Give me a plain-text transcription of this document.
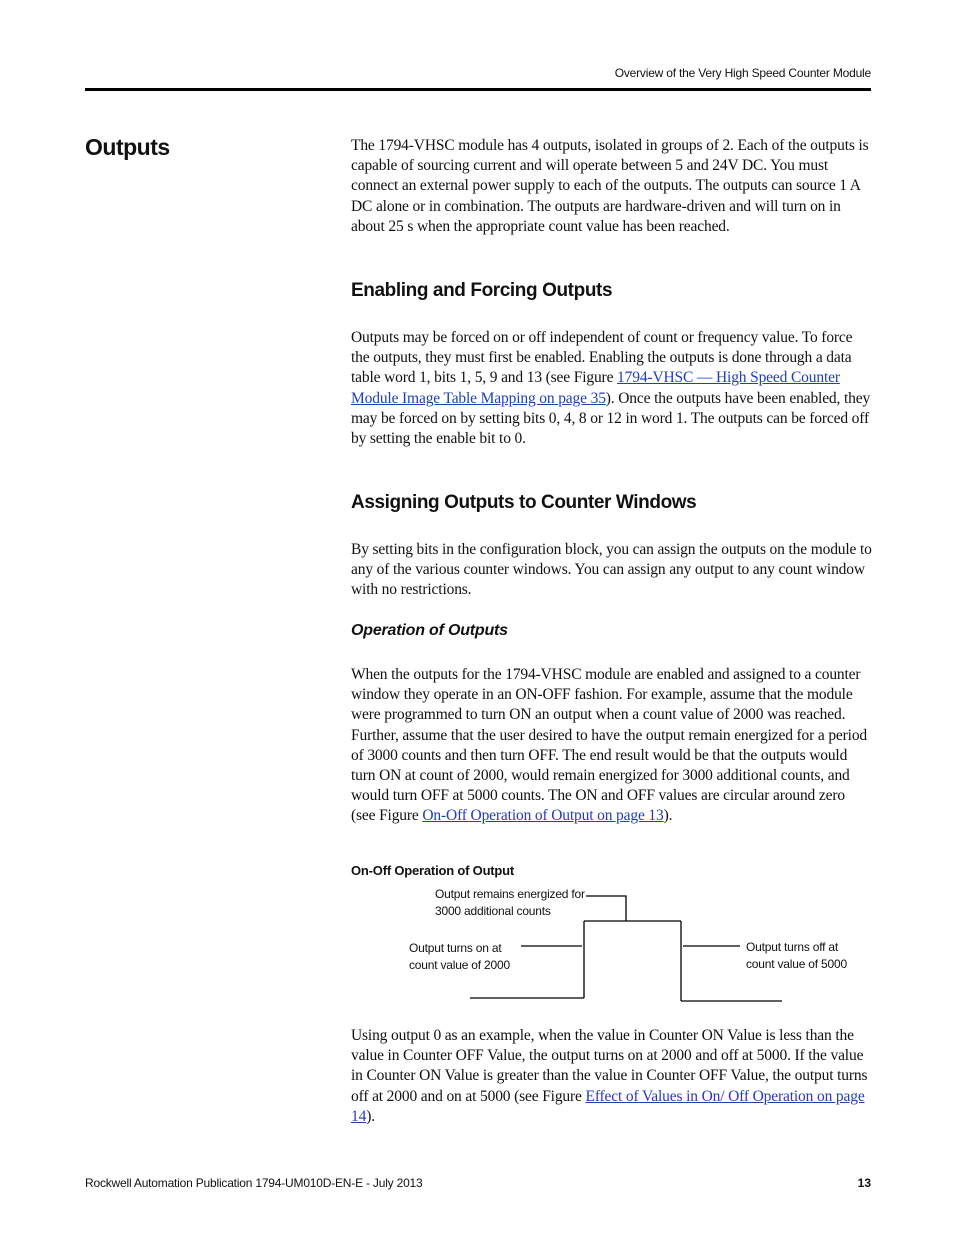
Overview of the Very High Speed Counter Module
Outputs	The 1794-VHSC module has 4 outputs, isolated in groups of 2. Each of the outputs is capable of sourcing current and will operate between 5 and 24V DC. You must connect an external power supply to each of the outputs. The outputs can source 1 A DC alone or in combination. The outputs are hardware-driven and will turn on in about 25 s when the appropriate count value has been reached.

Enabling and Forcing Outputs

Outputs may be forced on or off independent of count or frequency value. To force the outputs, they must first be enabled. Enabling the outputs is done through a data table word 1, bits 1, 5, 9 and 13 (see Figure 1794-VHSC — High Speed Counter Module Image Table Mapping on page 35). Once the outputs have been enabled, they may be forced on by setting bits 0, 4, 8 or 12 in word 1. The outputs can be forced off by setting the enable bit to 0.

Assigning Outputs to Counter Windows

By setting bits in the configuration block, you can assign the outputs on the module to any of the various counter windows. You can assign any output to any count window with no restrictions.

Operation of Outputs

When the outputs for the 1794-VHSC module are enabled and assigned to a counter window they operate in an ON-OFF fashion. For example, assume that the module were programmed to turn ON an output when a count value of 2000 was reached. Further, assume that the user desired to have the output remain energized for a period of 3000 counts and then turn OFF. The end result would be that the outputs would turn ON at count of 2000, would remain energized for 3000 additional counts, and would turn OFF at 5000 counts. The ON and OFF values are circular around zero (see Figure On-Off Operation of Output on page 13).

On-Off Operation of Output
Output remains energized for
3000 additional counts
Output turns on at
count value of 2000
Output turns off at
count value of 5000

Using output 0 as an example, when the value in Counter ON Value is less than the value in Counter OFF Value, the output turns on at 2000 and off at 5000. If the value in Counter ON Value is greater than the value in Counter OFF Value, the output turns off at 2000 and on at 5000 (see Figure Effect of Values in On/ Off Operation on page 14).

Rockwell Automation Publication 1794-UM010D-EN-E - July 2013	13
